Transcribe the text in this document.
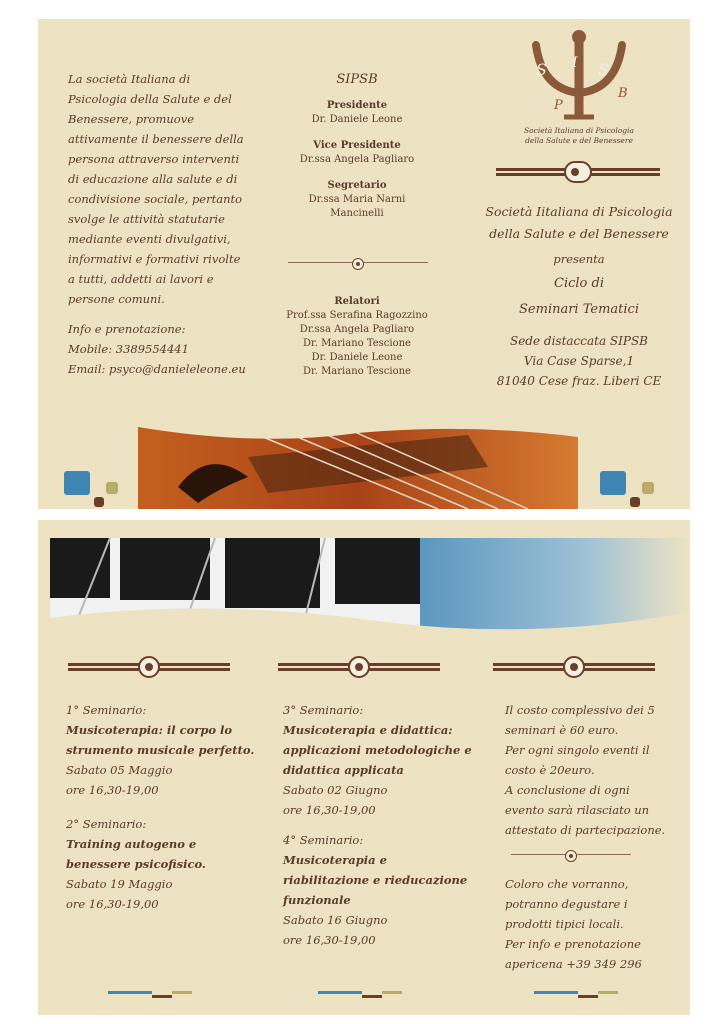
La società Italiana di
Psicologia della Salute e del
Benessere, promuove
attivamente il benessere della
persona attraverso interventi
di educazione alla salute e di
condivisione sociale, pertanto
svolge le attività statutarie
mediante eventi divulgativi,
informativi e formativi rivolte
a tutti, addetti ai lavori e
persone comuni.
Info e prenotazione:
Mobile: 3389554441
Email: psyco@danieleleone.eu
SIPSB
Presidente
Dr. Daniele Leone
Vice Presidente
Dr.ssa Angela Pagliaro
Segretario
Dr.ssa Maria Narni
Mancinelli
Relatori
Prof.ssa Serafina Ragozzino
Dr.ssa Angela Pagliaro
Dr. Mariano Tescione
Dr. Daniele Leone
Dr. Mariano Tescione
S I
P
S
B
Società Italiana di Psicologia
della Salute e del Benessere
Società Iitaliana di Psicologia
della Salute e del Benessere
presenta
Ciclo di
Seminari Tematici
Sede distaccata SIPSB
Via Case Sparse,1
81040 Cese fraz. Liberi CE
1° Seminario:
Musicoterapia: il corpo lo
strumento musicale perfetto.
Sabato 05 Maggio
ore 16,30-19,00
2° Seminario:
Training autogeno e
benessere psicofisico.
Sabato 19 Maggio
ore 16,30-19,00
3° Seminario:
Musicoterapia e didattica:
applicazioni metodologiche e
didattica applicata
Sabato 02 Giugno
ore 16,30-19,00
4° Seminario:
Musicoterapia e
riabilitazione e rieducazione
funzionale
Sabato 16 Giugno
ore 16,30-19,00
Il costo complessivo dei 5
seminari è 60 euro.
Per ogni singolo eventi il
costo è 20euro.
A conclusione di ogni
evento sarà rilasciato un
attestato di partecipazione.
Coloro che vorranno,
potranno degustare i
prodotti tipici locali.
Per info e prenotazione
apericena +39 349 296
